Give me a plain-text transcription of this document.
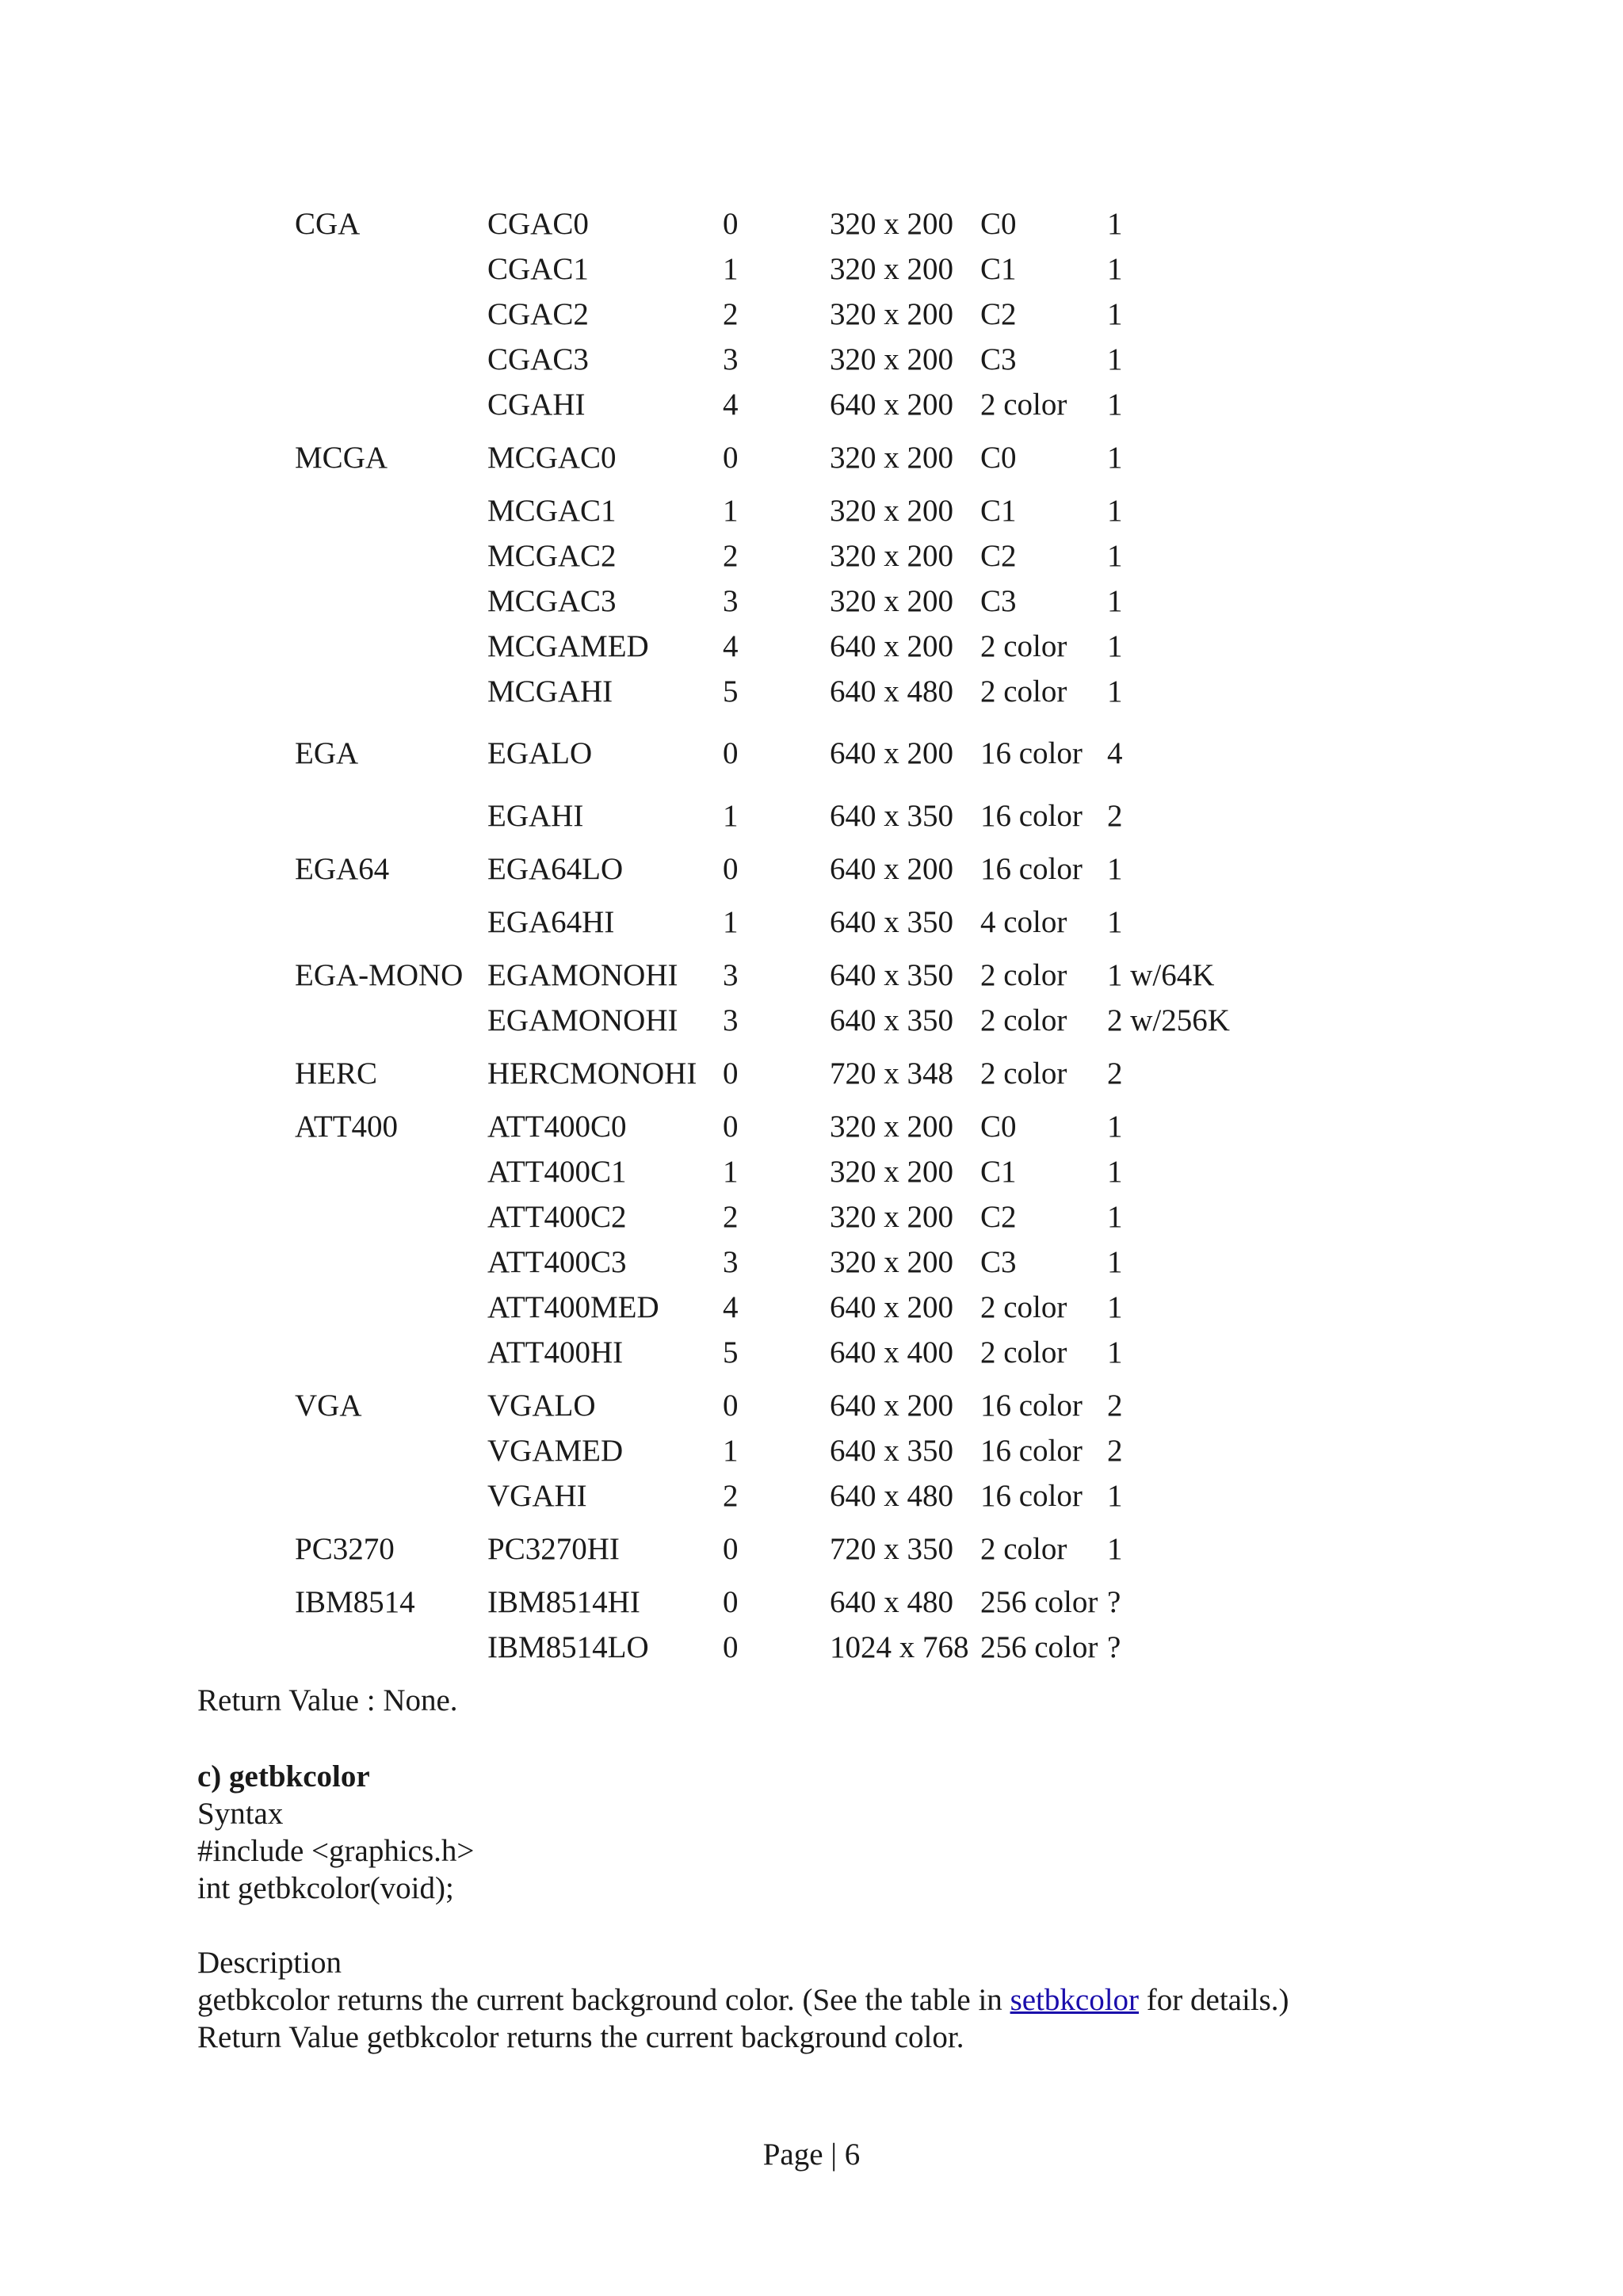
CGA	CGAC0	0	320 x 200 C0	1
CGAC1	1	320 x 200 C1	1
CGAC2	2	320 x 200 C2	1
CGAC3	3	320 x 200 C3	1
CGAHI	4	640 x 200 2 color 1
MCGA	MCGAC0	0	320 x 200 C0	1
MCGAC1	1	320 x 200 C1	1
MCGAC2	2	320 x 200 C2	1
MCGAC3	3	320 x 200 C3	1
MCGAMED 4	640 x 200 2 color 1
MCGAHI	5	640 x 480 2 color 1
EGA	EGALO	0	640 x 200 16 color 4
EGAHI	1	640 x 350 16 color 2
EGA64	EGA64LO	0	640 x 200 16 color 1
EGA64HI	1	640 x 350 4 color 1
EGA-MONO EGAMONOHI 3	640 x 350 2 color 1 w/64K
EGAMONOHI 3	640 x 350 2 color 2 w/256K
HERC	HERCMONOHI 0	720 x 348 2 color 2
ATT400	ATT400C0	0	320 x 200 C0	1
ATT400C1	1	320 x 200 C1	1
ATT400C2	2	320 x 200 C2	1
ATT400C3	3	320 x 200 C3	1
ATT400MED 4	640 x 200 2 color 1
ATT400HI	5	640 x 400 2 color 1
VGA	VGALO	0	640 x 200 16 color 2
VGAMED	1	640 x 350 16 color 2
VGAHI	2	640 x 480 16 color 1
PC3270	PC3270HI	0	720 x 350 2 color 1
IBM8514 IBM8514HI	0	640 x 480 256 color ?
IBM8514LO 0	1024 x 768 256 color ?
Return Value : None.
c) getbkcolor
Syntax
#include <graphics.h>
int getbkcolor(void);
Description
getbkcolor returns the current background color. (See the table in setbkcolor for details.)
Return Value getbkcolor returns the current background color.
Page | 6
